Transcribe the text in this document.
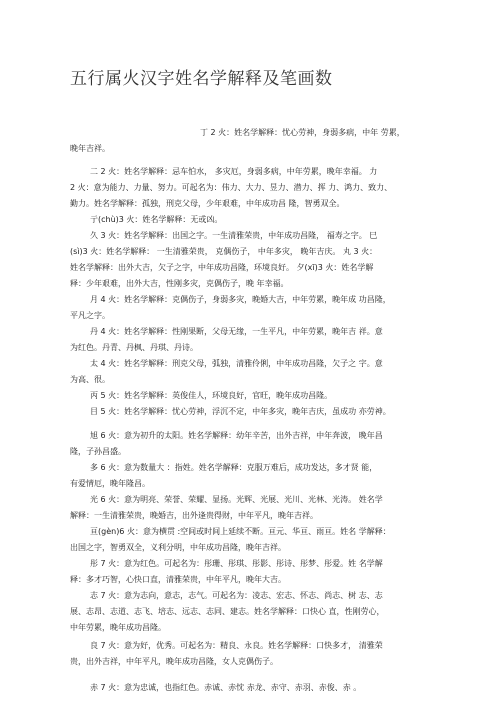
五行属火汉字姓名学解释及笔画数

丁 2 火：姓名学解释：忧心劳神，身弱多病，中年 劳累，

晚年吉祥。

二 2 火：姓名学解释：忌车怕水， 多灾厄，身弱多病，中年劳累，晚年幸福。 力

2 火：意为能力、力量、努力。可起名为：伟力、大力、昱力、潜力、挥 力、鸿力、致力、

勤力。姓名学解释：孤独，刑克父母，少年艰难，中年成功昌 隆，智勇双全。

亍(chù)3 火：姓名学解释：无或凶。

久 3 火：姓名学解释：出国之字。一生清雅荣贵，中年成功昌隆， 福寿之字。 巳

(sì)3 火：姓名学解释： 一生清雅荣贵， 克偶伤子， 中年多灾， 晚年吉庆。 丸 3 火：

姓名学解释：出外大吉，欠子之字，中年成功昌隆，环境良好。 夕(xī)3 火：姓名学解

释：少年艰难，出外大吉，性刚多灾，克偶伤子，晚 年幸福。

月 4 火：姓名学解释：克偶伤子，身弱多灾，晚婚大吉，中年劳累，晚年成 功昌隆，

平凡之字。

丹 4 火：姓名学解释：性刚果断，父母无缘，一生平凡，中年劳累，晚年吉 祥。意

为红色。丹青、丹枫、丹琪、丹诗。

太 4 火：姓名学解释：刑克父母，弧独，清雅伶俐，中年成功昌隆，欠子之 字。意

为高、很。

丙 5 火：姓名学解释：英俊佳人，环境良好，官旺，晚年成功昌隆。

目 5 火：姓名学解释：忧心劳神，浮沉不定，中年多灾，晚年吉庆，虽成功 亦劳神。

旭 6 火：意为初升的太阳。姓名学解释：幼年辛苦，出外吉祥，中年奔波， 晚年昌

隆，子孙昌盛。

多 6 火：意为数量大 ：指姓。姓名学解释：克服万难后，成功发达，多才贤 能，

有爱情厄，晚年隆昌。

光 6 火：意为明亮、荣誉、荣耀、显扬。光辉、光展、光川、光林、光涛。 姓名学

解释：一生清雅荣贵，晚婚吉，出外逢贵得财，中年平凡，晚年吉祥。

亘(gèn)6 火：意为横贯 :空间或时间上延续不断。亘元、华亘、雨亘。姓名 学解释：

出国之字，智勇双全，义利分明，中年成功昌隆，晚年吉祥。

彤 7 火：意为红色。可起名为：彤珊、彤琪、彤影、彤诗、彤梦、彤爱。姓 名学解

释：多才巧智，心快口直，清雅荣贵，中年平凡，晚年大吉。

志 7 火：意为志向，意志，志气。可起名为：凌志、宏志、怀志、尚志、树 志、志

展、志昂、志道、志飞、培志、远志、志同、建志。姓名学解释：口快心 直，性刚劳心，

中年劳累，晚年成功昌隆。

良 7 火：意为好，优秀。可起名为：精良、永良。姓名学解释：口快多才， 清雅荣

贵，出外吉祥，中年平凡，晚年成功昌隆，女人克偶伤子。

赤 7 火：意为忠诚，也指红色。赤诚、赤忱 赤龙、赤守、赤羽、赤俊、赤 。
